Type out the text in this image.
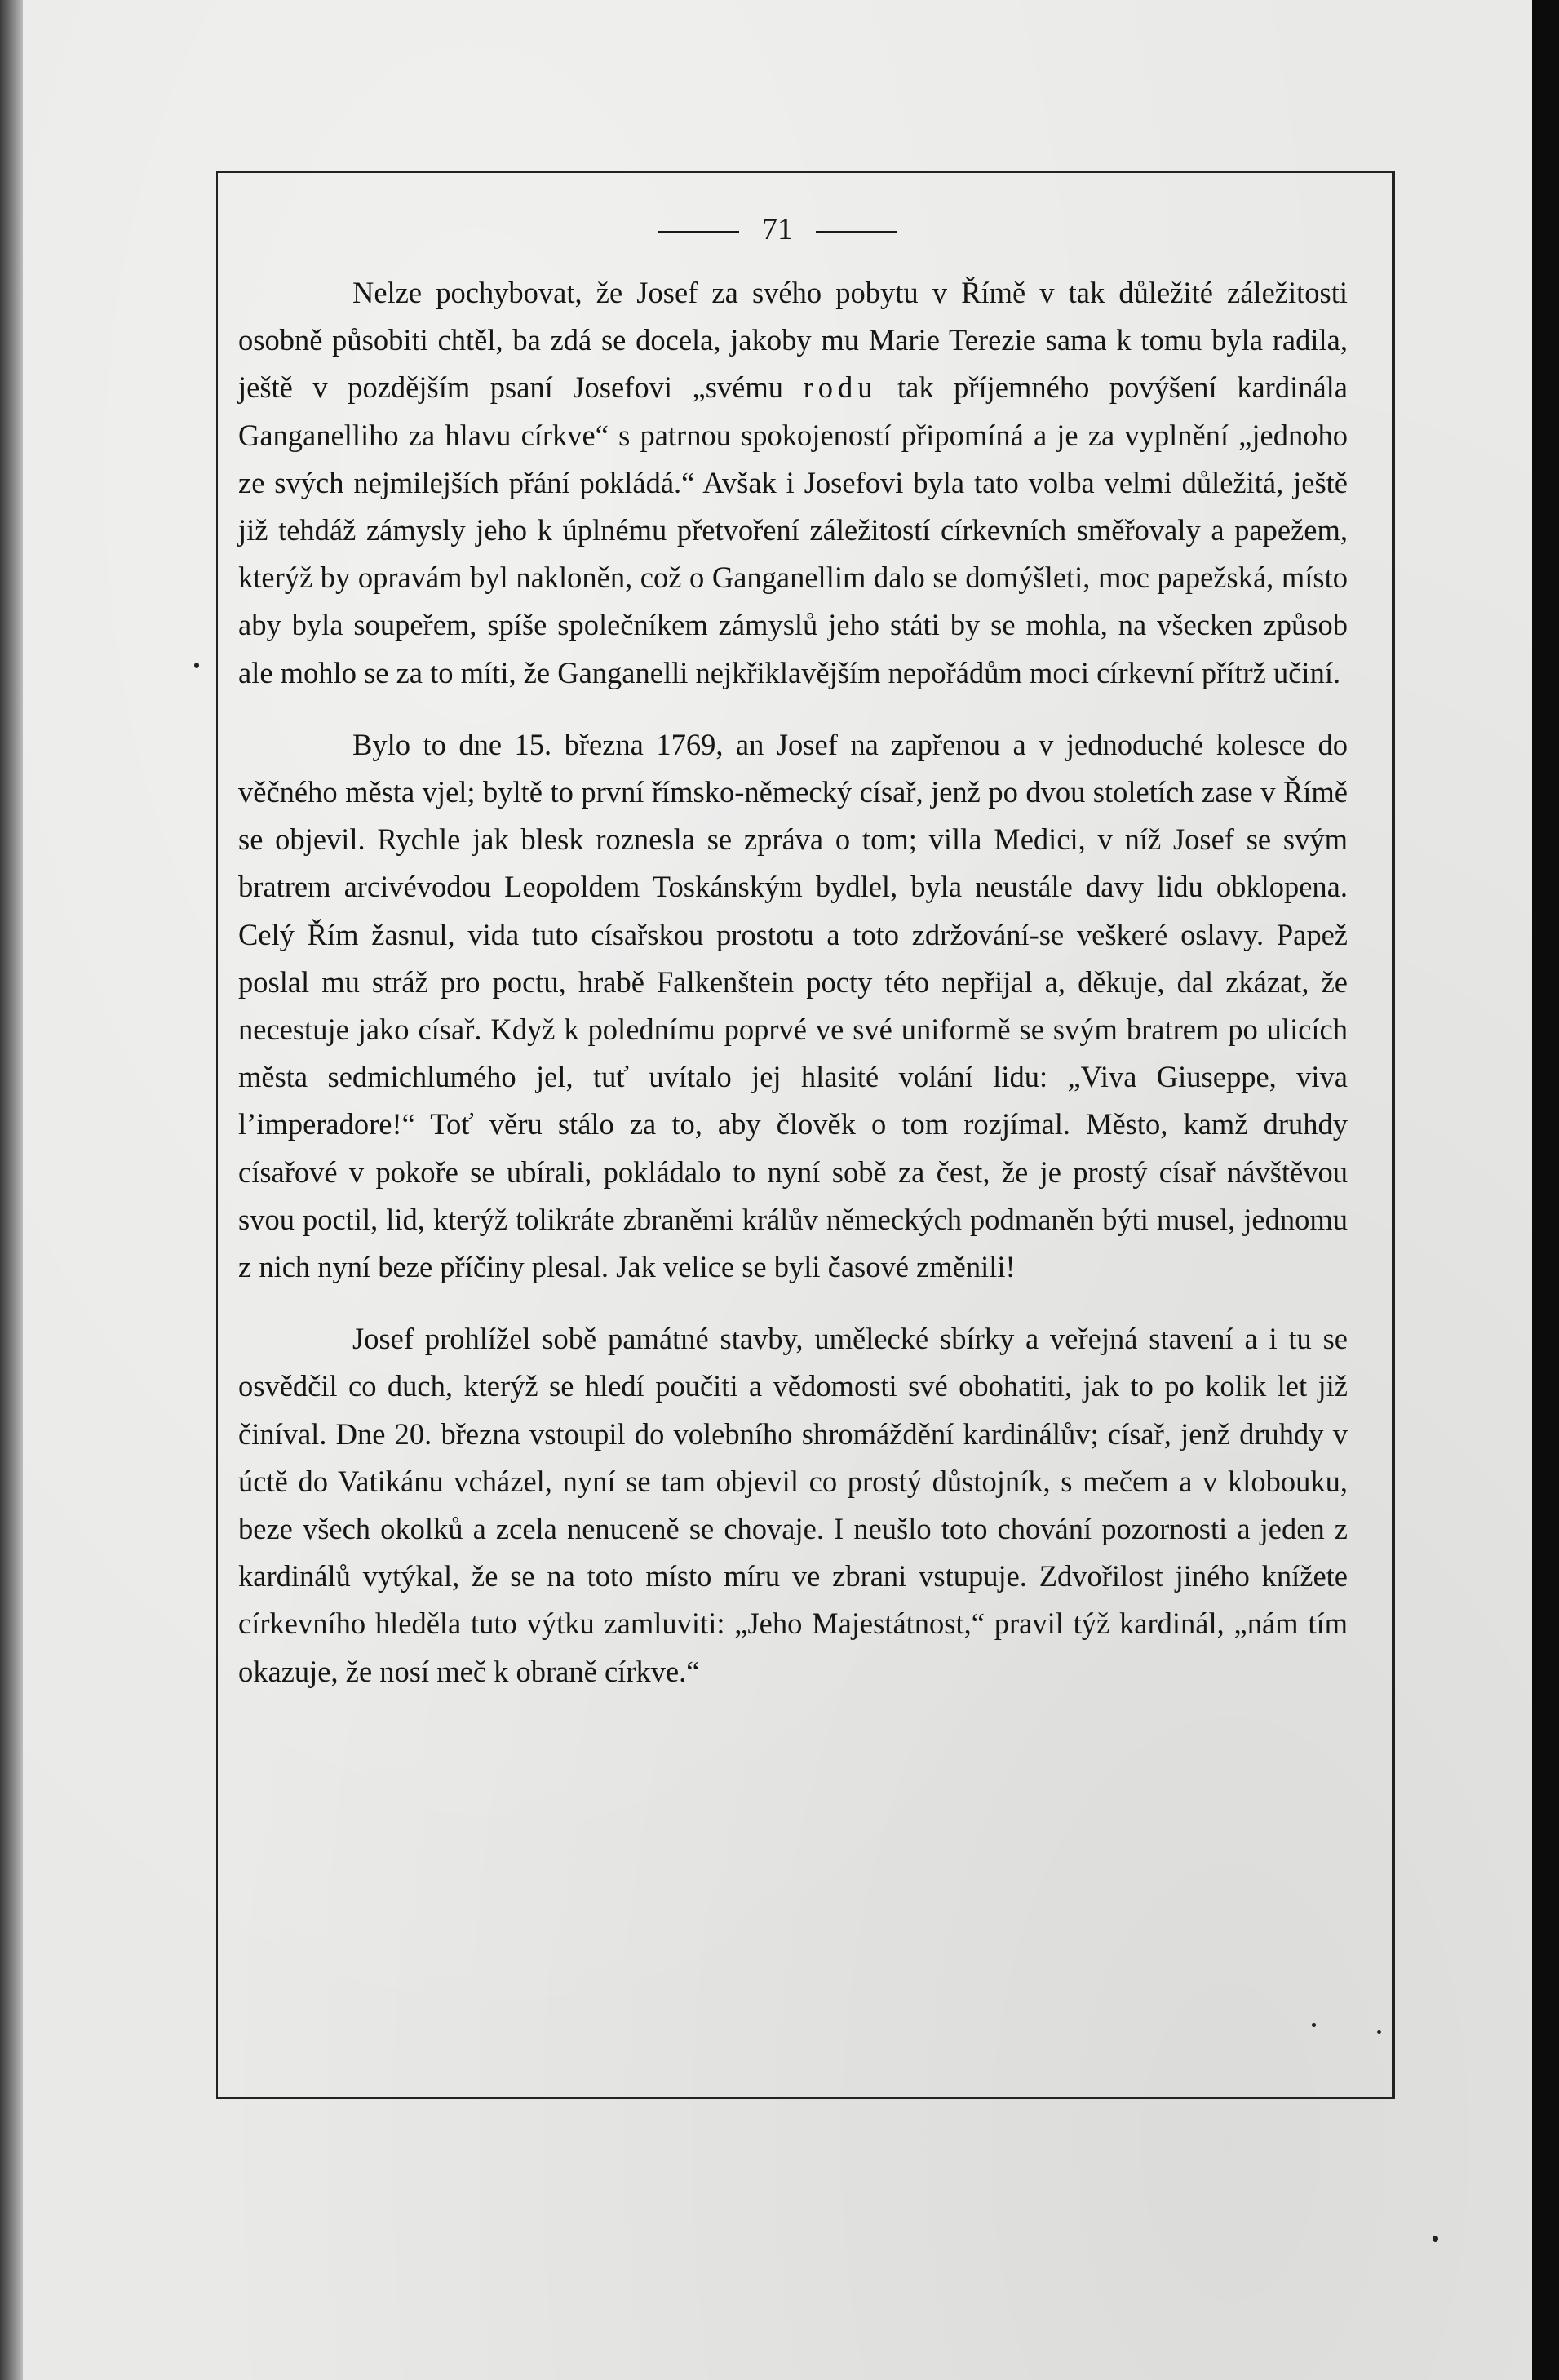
71

Nelze pochybovat, že Josef za svého pobytu v Římě v tak důležité záležitosti osobně působiti chtěl, ba zdá se docela, jakoby mu Marie Terezie sama k tomu byla radila, ještě v pozdějším psaní Josefovi „svému rodu tak příjemného povýšení kardinála Ganganelliho za hlavu církve“ s patrnou spokojeností připomíná a je za vyplnění „jednoho ze svých nejmilejších přání pokládá.“ Avšak i Josefovi byla tato volba velmi důležitá, ještě již tehdáž zámysly jeho k úplnému přetvoření záležitostí církevních směřovaly a papežem, kterýž by opravám byl nakloněn, což o Ganganellim dalo se domýšleti, moc papežská, místo aby byla soupeřem, spíše společníkem zámyslů jeho státi by se mohla, na všecken způsob ale mohlo se za to míti, že Ganganelli nejkřiklavějším nepořádům moci církevní přítrž učiní.

Bylo to dne 15. března 1769, an Josef na zapřenou a v jednoduché kolesce do věčného města vjel; byltě to první římsko-německý císař, jenž po dvou stoletích zase v Římě se objevil. Rychle jak blesk roznesla se zpráva o tom; villa Medici, v níž Josef se svým bratrem arcivévodou Leopoldem Toskánským bydlel, byla neustále davy lidu obklopena. Celý Řím žasnul, vida tuto císařskou prostotu a toto zdržování-se veškeré oslavy. Papež poslal mu stráž pro poctu, hrabě Falkenštein pocty této nepřijal a, děkuje, dal zkázat, že necestuje jako císař. Když k polednímu poprvé ve své uniformě se svým bratrem po ulicích města sedmichlumého jel, tuť uvítalo jej hlasité volání lidu: „Viva Giuseppe, viva l’imperadore!“ Toť věru stálo za to, aby člověk o tom rozjímal. Město, kamž druhdy císařové v pokoře se ubírali, pokládalo to nyní sobě za čest, že je prostý císař návštěvou svou poctil, lid, kterýž tolikráte zbraněmi králův německých podmaněn býti musel, jednomu z nich nyní beze příčiny plesal. Jak velice se byli časové změnili!

Josef prohlížel sobě památné stavby, umělecké sbírky a veřejná stavení a i tu se osvědčil co duch, kterýž se hledí poučiti a vědomosti své obohatiti, jak to po kolik let již činíval. Dne 20. března vstoupil do volebního shromáždění kardinálův; císař, jenž druhdy v úctě do Vatikánu vcházel, nyní se tam objevil co prostý důstojník, s mečem a v klobouku, beze všech okolků a zcela nenuceně se chovaje. I neušlo toto chování pozornosti a jeden z kardinálů vytýkal, že se na toto místo míru ve zbrani vstupuje. Zdvořilost jiného knížete církevního hleděla tuto výtku zamluviti: „Jeho Majestátnost,“ pravil týž kardinál, „nám tím okazuje, že nosí meč k obraně církve.“
